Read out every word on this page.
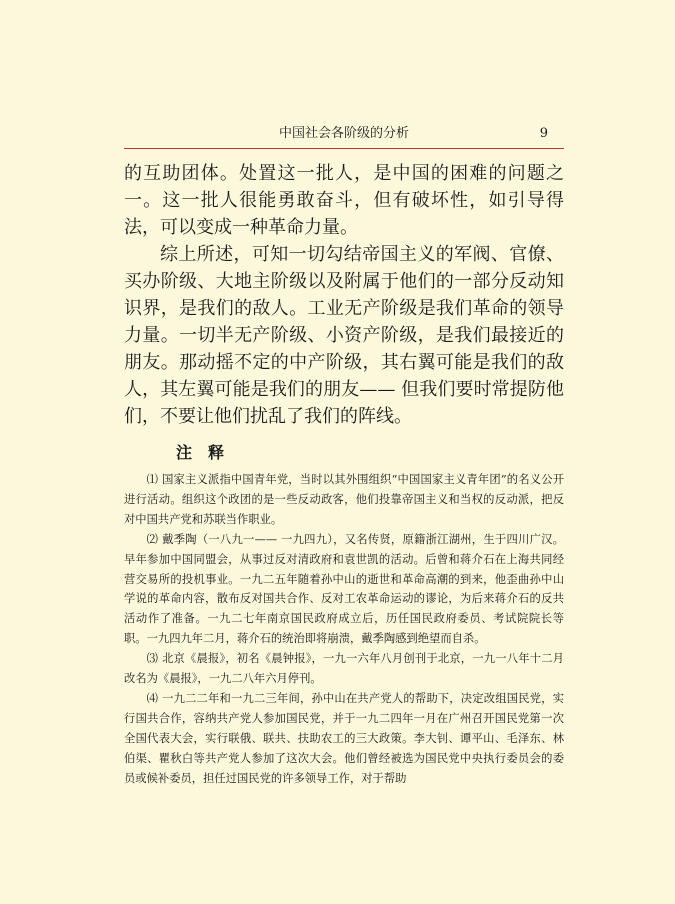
中国社会各阶级的分析	9

的互助团体。处置这一批人，是中国的困难的问题之一。这一批人很能勇敢奋斗，但有破坏性，如引导得法，可以变成一种革命力量。

综上所述，可知一切勾结帝国主义的军阀、官僚、买办阶级、大地主阶级以及附属于他们的一部分反动知识界，是我们的敌人。工业无产阶级是我们革命的领导力量。一切半无产阶级、小资产阶级，是我们最接近的朋友。那动摇不定的中产阶级，其右翼可能是我们的敌人，其左翼可能是我们的朋友—— 但我们要时常提防他们，不要让他们扰乱了我们的阵线。

注　释

⑴ 国家主义派指中国青年党，当时以其外围组织“中国国家主义青年团”的名义公开进行活动。组织这个政团的是一些反动政客，他们投靠帝国主义和当权的反动派，把反对中国共产党和苏联当作职业。

⑵ 戴季陶（一八九一—— 一九四九），又名传贤，原籍浙江湖州，生于四川广汉。早年参加中国同盟会，从事过反对清政府和袁世凯的活动。后曾和蒋介石在上海共同经营交易所的投机事业。一九二五年随着孙中山的逝世和革命高潮的到来，他歪曲孙中山学说的革命内容，散布反对国共合作、反对工农革命运动的谬论，为后来蒋介石的反共活动作了准备。一九二七年南京国民政府成立后，历任国民政府委员、考试院院长等职。一九四九年二月，蒋介石的统治即将崩溃，戴季陶感到绝望而自杀。

⑶ 北京《晨报》，初名《晨钟报》，一九一六年八月创刊于北京，一九一八年十二月改名为《晨报》，一九二八年六月停刊。

⑷ 一九二二年和一九二三年间，孙中山在共产党人的帮助下，决定改组国民党，实行国共合作，容纳共产党人参加国民党，并于一九二四年一月在广州召开国民党第一次全国代表大会，实行联俄、联共、扶助农工的三大政策。李大钊、谭平山、毛泽东、林伯渠、瞿秋白等共产党人参加了这次大会。他们曾经被选为国民党中央执行委员会的委员或候补委员，担任过国民党的许多领导工作，对于帮助
